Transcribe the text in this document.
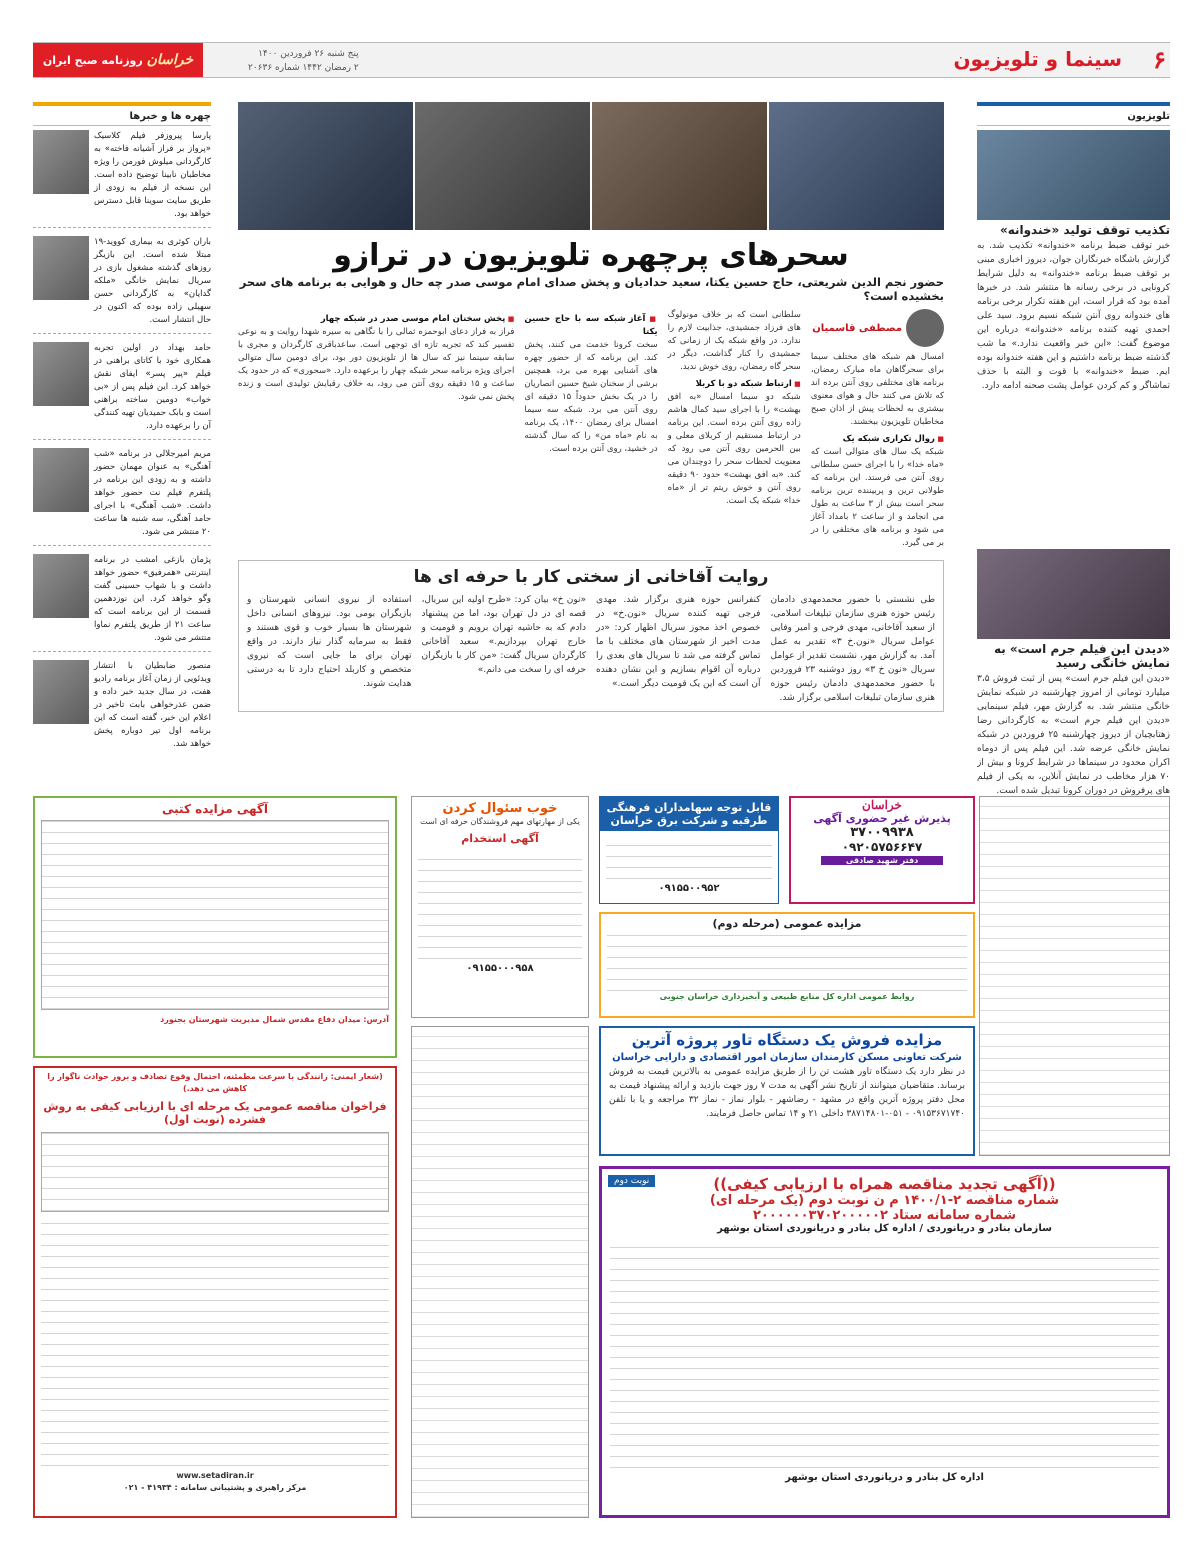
۶
سینما و تلویزیون
پنج شنبه ۲۶ فروردین ۱۴۰۰
۲ رمضان ۱۴۴۲ شماره ۲۰۶۳۶
خراسان روزنامه صبح ایران
تلویزیون
تکذیب توقف تولید «خندوانه»
خبر توقف ضبط برنامه «خندوانه» تکذیب شد. به گزارش باشگاه خبرنگاران جوان، دیروز اخباری مبنی بر توقف ضبط برنامه «خندوانه» به دلیل شرایط کرونایی در برخی رسانه ها منتشر شد. در خبرها آمده بود که قرار است، این هفته تکرار برخی برنامه های خندوانه روی آنتن شبکه نسیم برود. سید علی احمدی تهیه کننده برنامه «خندوانه» درباره این موضوع گفت: «این خبر واقعیت ندارد.» ما شب گذشته ضبط برنامه داشتیم و این هفته خندوانه بوده ایم. ضبط «خندوانه» با قوت و البته با حذف تماشاگر و کم کردن عوامل پشت صحنه ادامه دارد.
«دیدن این فیلم جرم است» به نمایش خانگی رسید
«دیدن این فیلم جرم است» پس از ثبت فروش ۳،۵ میلیارد تومانی از امروز چهارشنبه در شبکه نمایش خانگی منتشر شد. به گزارش مهر، فیلم سینمایی «دیدن این فیلم جرم است» به کارگردانی رضا زهتابچیان از دیروز چهارشنبه ۲۵ فروردین در شبکه نمایش خانگی عرضه شد. این فیلم پس از دوماه اکران محدود در سینماها در شرایط کرونا و بیش از ۷۰ هزار مخاطب در نمایش آنلاین، به یکی از فیلم های پرفروش در دوران کرونا تبدیل شده است.
چهره ها و خبرها
پارسا پیروزفر فیلم کلاسیک «پرواز بر فراز آشیانه فاخته» به کارگردانی میلوش فورمن را ویژه مخاطبان نابینا توضیح داده است. این نسخه از فیلم به زودی از طریق سایت سوینا قابل دسترس خواهد بود.
باران کوثری به بیماری کووید-۱۹ مبتلا شده است. این بازیگر روزهای گذشته مشغول بازی در سریال نمایش خانگی «ملکه گدایان» به کارگردانی حسن سهیلی زاده بوده که اکنون در حال انتشار است.
حامد بهداد در اولین تجربه همکاری خود با کاتای براهنی در فیلم «پیر پسر» ایفای نقش خواهد کرد. این فیلم پس از «بی خواب» دومین ساخته براهنی است و بابک حمیدیان تهیه کنندگی آن را برعهده دارد.
مریم امیرجلالی در برنامه «شب آهنگی» به عنوان مهمان حضور داشته و به زودی این برنامه در پلتفرم فیلم نت حضور خواهد داشت. «شب آهنگی» با اجرای حامد آهنگی، سه شنبه ها ساعت ۲۰ منتشر می شود.
پژمان بازغی امشب در برنامه اینترنتی «همرفیق» حضور خواهد داشت و با شهاب حسینی گفت وگو خواهد کرد. این نوزدهمین قسمت از این برنامه است که ساعت ۲۱ از طریق پلتفرم نماوا منتشر می شود.
منصور ضابطیان با انتشار ویدئویی از زمان آغاز برنامه رادیو هفت، در سال جدید خبر داده و ضمن عذرخواهی بابت تاخیر در اعلام این خبر، گفته است که این برنامه اول تیر دوباره پخش خواهد شد.
سحرهای پرچهره تلویزیون در ترازو
حضور نجم الدین شریعتی، حاج حسین یکتا، سعید حدادیان و پخش صدای امام موسی صدر چه حال و هوایی به برنامه های سحر بخشیده است؟
مصطفی قاسمیان

امسال هم شبکه های مختلف سیما برای سحرگاهان ماه مبارک رمضان، برنامه های مختلفی روی آنتن برده اند که تلاش می کنند حال و هوای معنوی بیشتری به لحظات پیش از اذان صبح مخاطبان تلویزیون ببخشند.

■ روال تکراری شبکه یک

شبکه یک سال های متوالی است که «ماه خدا» را با اجرای حسن سلطانی روی آنتن می فرستد. این برنامه که طولانی ترین و پربیننده ترین برنامه سحر است بیش از ۳ ساعت به طول می انجامد و از ساعت ۲ بامداد آغاز می شود و برنامه های مختلفی را در بر می گیرد.

سلطانی است که بر خلاف مونولوگ های فرزاد جمشیدی، جذابیت لازم را ندارد. در واقع شبکه یک از زمانی که جمشیدی را کنار گذاشت، دیگر در سحر گاه رمضان، روی خوش ندید.

■ ارتباط شبکه دو با کربلا

شبکه دو سیما امسال «به افق بهشت» را با اجرای سید کمال هاشم زاده روی آنتن برده است. این برنامه در ارتباط مستقیم از کربلای معلی و بین الحرمین روی آنتن می رود که معنویت لحظات سحر را دوچندان می کند. «به افق بهشت» حدود ۹۰ دقیقه روی آنتن و خوش ریتم تر از «ماه خدا» شبکه یک است.

■ آغاز شبکه سه با حاج حسین یکتا

سخت کرونا خدمت می کنند، پخش کند. این برنامه که از حضور چهره های آشنایی بهره می برد، همچنین برشی از سخنان شیخ حسین انصاریان را در یک بخش حدوداً ۱۵ دقیقه ای روی آنتن می برد. شبکه سه سیما امسال برای رمضان ۱۴۰۰، یک برنامه به نام «ماه من» را که سال گذشته در خشید، روی آنتن برده است.

■ پخش سخنان امام موسی صدر در شبکه چهار

فراز به فراز دعای ابوحمزه ثمالی را با نگاهی به سیره شهدا روایت و به نوعی تفسیر کند که تجربه تازه ای توجهی است. ساعدباقری کارگردان و مجری با سابقه سینما نیز که سال ها از تلویزیون دور بود، برای دومین سال متوالی اجرای ویژه برنامه سحر شبکه چهار را برعهده دارد. «سحوری» که در حدود یک ساعت و ۱۵ دقیقه روی آنتن می رود، به خلاف رقبایش تولیدی است و زنده پخش نمی شود.

روایت آقاخانی از سختی کار با حرفه ای ها

طی نشستی با حضور محمدمهدی دادمان رئیس حوزه هنری سازمان تبلیغات اسلامی، از سعید آقاخانی، مهدی فرجی و امیر وفایی عوامل سریال «نون.خ ۳» تقدیر به عمل آمد. به گزارش مهر، نشست تقدیر از عوامل سریال «نون خ ۳» روز دوشنبه ۲۳ فروردین با حضور محمدمهدی دادمان رئیس حوزه هنری سازمان تبلیغات اسلامی برگزار شد.

کنفرانس حوزه هنری برگزار شد. مهدی فرجی تهیه کننده سریال «نون.خ» در خصوص اخذ مجوز سریال اظهار کرد: «در مدت اخیر از شهرستان های مختلف با ما تماس گرفته می شد تا سریال های بعدی را درباره آن اقوام بسازیم و این نشان دهنده آن است که این یک قومیت دیگر است.»

«نون خ» بیان کرد: «طرح اولیه این سریال، قصه ای در دل تهران بود، اما من پیشنهاد دادم که به حاشیه تهران برویم و قومیت و خارج تهران بپردازیم.» سعید آقاخانی کارگردان سریال گفت: «من کار با بازیگران حرفه ای را سخت می دانم.»

استفاده از نیروی انسانی شهرستان و بازیگران بومی بود. نیروهای انسانی داخل شهرستان ها بسیار خوب و قوی هستند و فقط به سرمایه گذار نیاز دارند. در واقع تهران برای ما جایی است که نیروی متخصص و کاربلد احتیاج دارد تا به درستی هدایت شوند.

آگهی مزایده کتبی
آدرس: میدان دفاع مقدس شمال مدیریت شهرستان بجنورد
خوب سئوال کردن
یکی از مهارتهای مهم فروشندگان حرفه ای است
آگهی استخدام
۰۹۱۵۵۰۰۰۹۵۸
قابل توجه سهامداران فرهنگی طرقبه و شرکت برق خراسان
۰۹۱۵۵۰۰۹۵۲
خراسان
پذیرش غیر حضوری آگهی
۳۷۰۰۹۹۳۸
۰۹۲۰۵۷۵۶۶۴۷
دفتر شهید صادقی
مزایده عمومی (مرحله دوم)
روابط عمومی اداره کل منابع طبیعی و آبخیزداری خراسان جنوبی
مزایده فروش یک دستگاه تاور پروژه آترین
شرکت تعاونی مسکن کارمندان سازمان امور اقتصادی و دارایی خراسان
در نظر دارد یک دستگاه تاور هشت تن را از طریق مزایده عمومی به بالاترین قیمت به فروش برساند. متقاضیان میتوانند از تاریخ نشر آگهی به مدت ۷ روز جهت بازدید و ارائه پیشنهاد قیمت به محل دفتر پروژه آترین واقع در مشهد - رضاشهر - بلوار نماز - نماز ۳۲ مراجعه و یا با تلفن ۰۹۱۵۳۶۷۱۷۴۰ - ۰۵۱-۳۸۷۱۴۸۰۱ داخلی ۲۱ و ۱۴ تماس حاصل فرمایند.
(شعار ایمنی: رانندگی با سرعت مطمئنه، احتمال وقوع تصادف و بروز حوادث ناگوار را کاهش می دهد.)
فراخوان مناقصه عمومی یک مرحله ای با ارزیابی کیفی به روش فشرده (نوبت اول)
www.setadiran.ir
مرکز راهبری و پشتیبانی سامانه : ۴۱۹۳۴ - ۰۲۱
نوبت دوم	((آگهی تجدید مناقصه همراه با ارزیابی کیفی))
شماره مناقصه ۲-۱۴۰۰/۱ م ن نوبت دوم (یک مرحله ای)
شماره سامانه ستاد ۲۰۰۰۰۰۰۳۷۰۲۰۰۰۰۰۲
سازمان بنادر و دریانوردی / اداره کل بنادر و دریانوردی استان بوشهر
اداره کل بنادر و دریانوردی استان بوشهر
